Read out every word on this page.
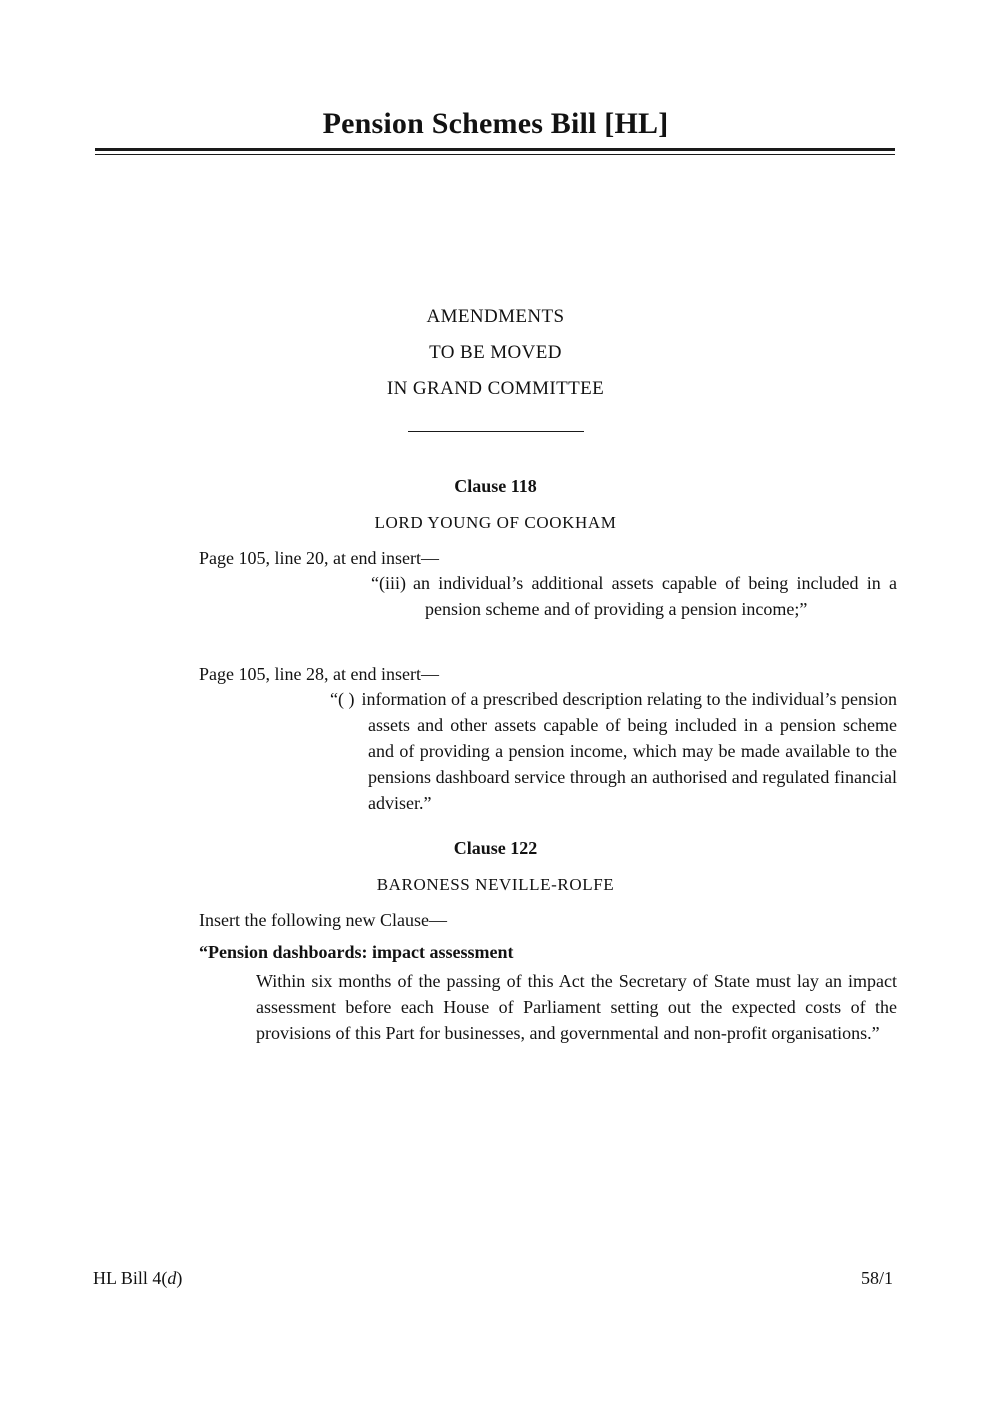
Pension Schemes Bill [HL]
AMENDMENTS
TO BE MOVED
IN GRAND COMMITTEE
Clause 118
LORD YOUNG OF COOKHAM

Page 105, line 20, at end insert—

“(iii) an individual’s additional assets capable of being included in a pension scheme and of providing a pension income;”

Page 105, line 28, at end insert—

“( ) information of a prescribed description relating to the individual’s pension assets and other assets capable of being included in a pension scheme and of providing a pension income, which may be made available to the pensions dashboard service through an authorised and regulated financial adviser.”

Clause 122
BARONESS NEVILLE-ROLFE

Insert the following new Clause—

“Pension dashboards: impact assessment

Within six months of the passing of this Act the Secretary of State must lay an impact assessment before each House of Parliament setting out the expected costs of the provisions of this Part for businesses, and governmental and non-profit organisations.”

HL Bill 4(d)	58/1
